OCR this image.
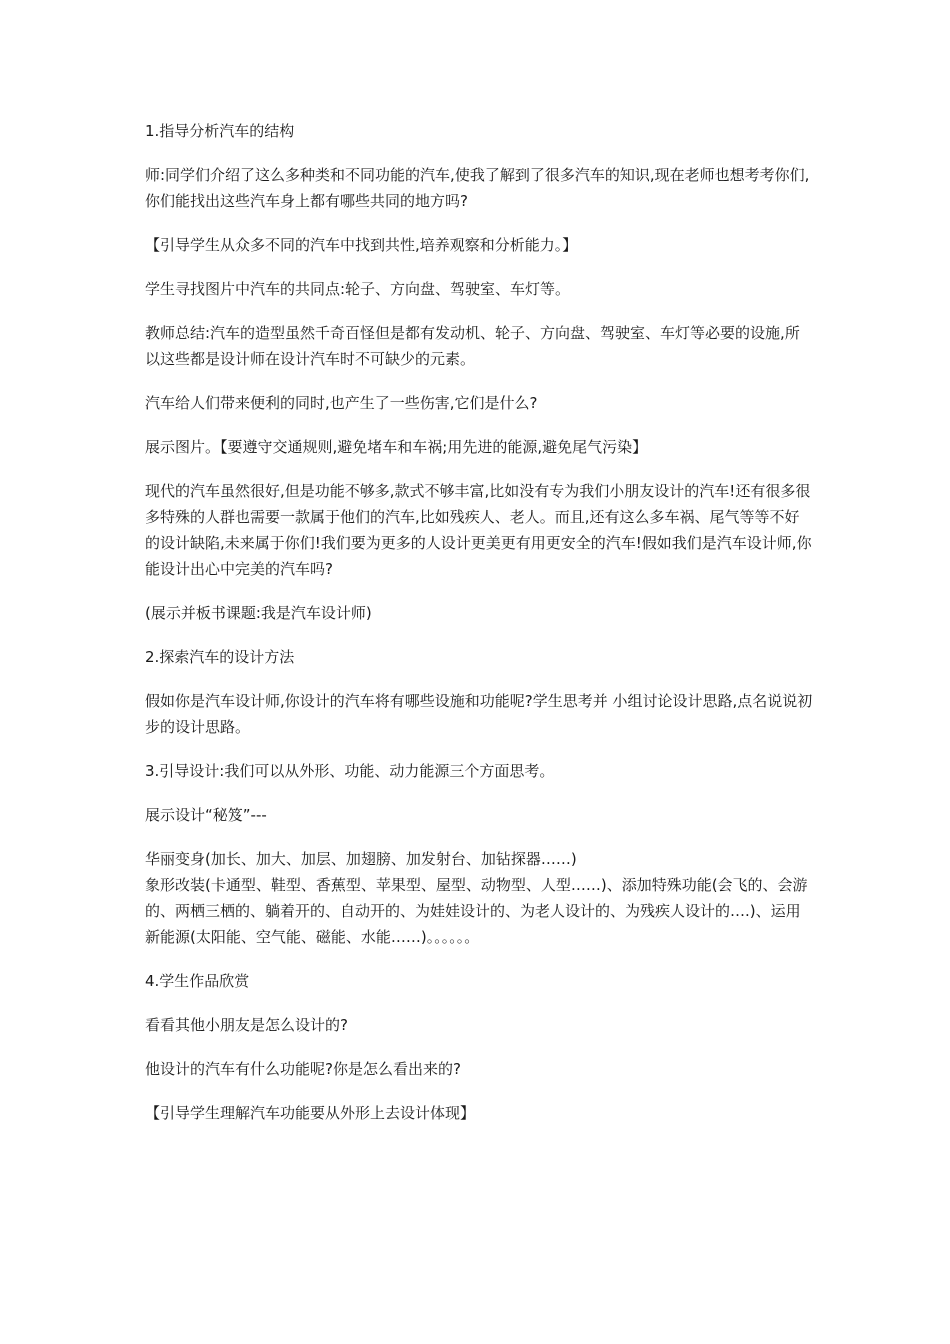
1.指导分析汽车的结构

师:同学们介绍了这么多种类和不同功能的汽车,使我了解到了很多汽车的知识,现在老师也想考考你们,你们能找出这些汽车身上都有哪些共同的地方吗?

【引导学生从众多不同的汽车中找到共性,培养观察和分析能力。】

学生寻找图片中汽车的共同点:轮子、方向盘、驾驶室、车灯等。

教师总结:汽车的造型虽然千奇百怪但是都有发动机、轮子、方向盘、驾驶室、车灯等必要的设施,所以这些都是设计师在设计汽车时不可缺少的元素。

汽车给人们带来便利的同时,也产生了一些伤害,它们是什么?

展示图片。【要遵守交通规则,避免堵车和车祸;用先进的能源,避免尾气污染】

现代的汽车虽然很好,但是功能不够多,款式不够丰富,比如没有专为我们小朋友设计的汽车!还有很多很多特殊的人群也需要一款属于他们的汽车,比如残疾人、老人。而且,还有这么多车祸、尾气等等不好的设计缺陷,未来属于你们!我们要为更多的人设计更美更有用更安全的汽车!假如我们是汽车设计师,你能设计出心中完美的汽车吗?

(展示并板书课题:我是汽车设计师)

2.探索汽车的设计方法

假如你是汽车设计师,你设计的汽车将有哪些设施和功能呢?学生思考并 小组讨论设计思路,点名说说初步的设计思路。

3.引导设计:我们可以从外形、功能、动力能源三个方面思考。

展示设计“秘笈”---

华丽变身(加长、加大、加层、加翅膀、加发射台、加钻探器……)

象形改装(卡通型、鞋型、香蕉型、苹果型、屋型、动物型、人型……)、添加特殊功能(会飞的、会游的、两栖三栖的、躺着开的、自动开的、为娃娃设计的、为老人设计的、为残疾人设计的….)、运用新能源(太阳能、空气能、磁能、水能……)。。。。。。

4.学生作品欣赏

看看其他小朋友是怎么设计的?

他设计的汽车有什么功能呢?你是怎么看出来的?

【引导学生理解汽车功能要从外形上去设计体现】
